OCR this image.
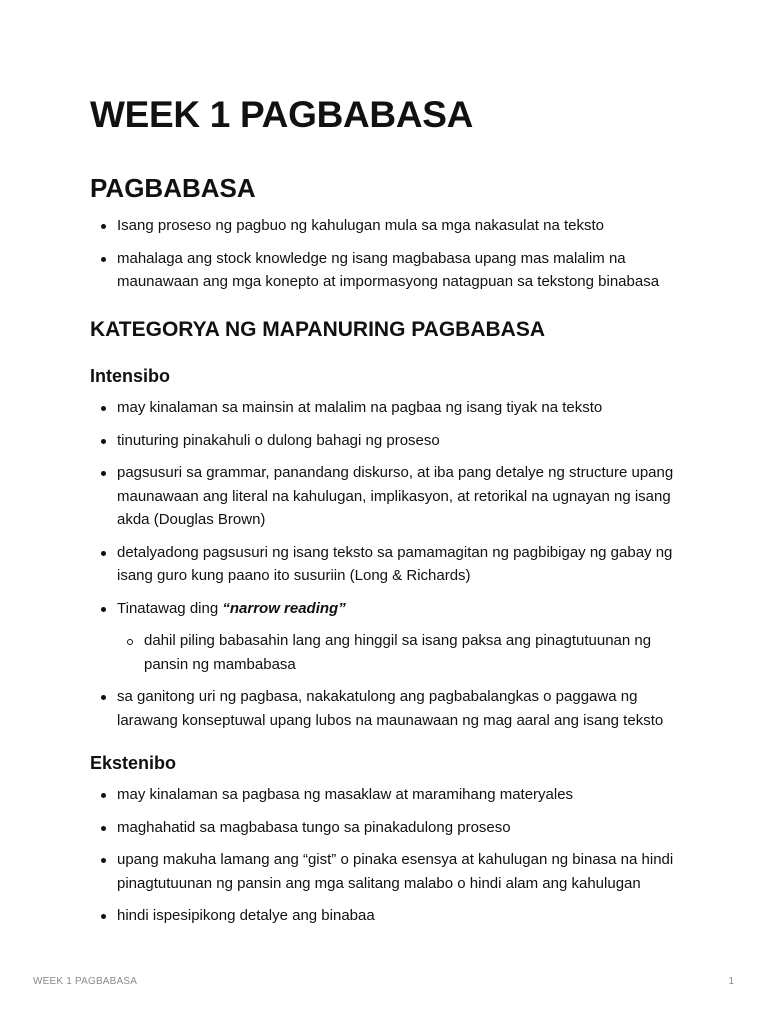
WEEK 1 PAGBABASA
PAGBABASA
Isang proseso ng pagbuo ng kahulugan mula sa mga nakasulat na teksto
mahalaga ang stock knowledge ng isang magbabasa upang mas malalim na maunawaan ang mga konepto at impormasyong natagpuan sa tekstong binabasa
KATEGORYA NG MAPANURING PAGBABASA
Intensibo
may kinalaman sa mainsin at malalim na pagbaa ng isang tiyak na teksto
tinuturing pinakahuli o dulong bahagi ng proseso
pagsusuri sa grammar, panandang diskurso, at iba pang detalye ng structure upang maunawaan ang literal na kahulugan, implikasyon, at retorikal na ugnayan ng isang akda (Douglas Brown)
detalyadong pagsusuri ng isang teksto sa pamamagitan ng pagbibigay ng gabay ng isang guro kung paano ito susuriin (Long & Richards)
Tinatawag ding “narrow reading”
dahil piling babasahin lang ang hinggil sa isang paksa ang pinagtutuunan ng pansin ng mambabasa
sa ganitong uri ng pagbasa, nakakatulong ang pagbabalangkas o paggawa ng larawang konseptuwal upang lubos na maunawaan ng mag aaral ang isang teksto
Ekstenibo
may kinalaman sa pagbasa ng masaklaw at maramihang materyales
maghahatid sa magbabasa tungo sa pinakadulong proseso
upang makuha lamang ang “gist” o pinaka esensya at kahulugan ng binasa na hindi pinagtutuunan ng pansin ang mga salitang malabo o hindi alam ang kahulugan
hindi ispesipikong detalye ang binabaa
WEEK 1 PAGBABASA	1
